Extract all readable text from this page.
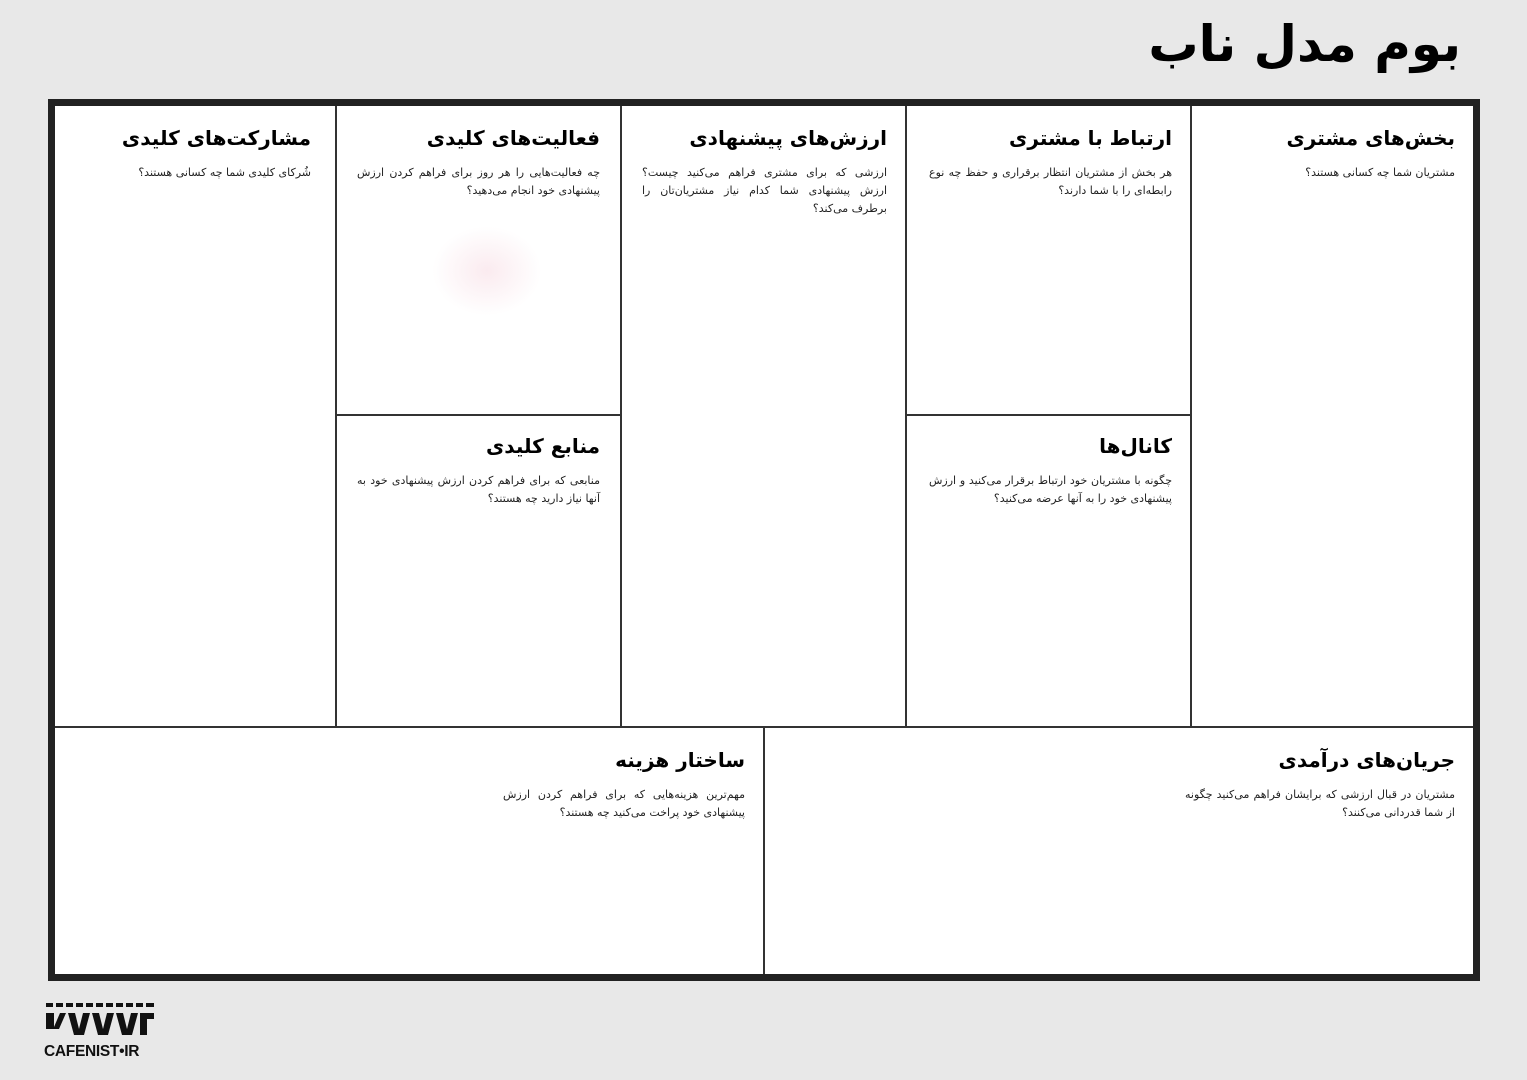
بوم مدل ناب
بخش‌های مشتری

مشتریان شما چه کسانی هستند؟

ارتباط با مشتری

هر بخش از مشتریان انتظار برقراری و حفظ چه نوع رابطه‌ای را با شما دارند؟

کانال‌ها

چگونه با مشتریان خود ارتباط برقرار می‌کنید و ارزش پیشنهادی خود را به آنها عرضه می‌کنید؟

ارزش‌های پیشنهادی

ارزشی که برای مشتری فراهم می‌کنید چیست؟ ارزش پیشنهادی شما کدام نیاز مشتریان‌تان را برطرف می‌کند؟

فعالیت‌های کلیدی

چه فعالیت‌هایی را هر روز برای فراهم کردن ارزش پیشنهادی خود انجام می‌دهید؟

منابع کلیدی

منابعی که برای فراهم کردن ارزش پیشنهادی خود به آنها نیاز دارید چه هستند؟

مشارکت‌های کلیدی

شُرکای کلیدی شما چه کسانی هستند؟

جریان‌های درآمدی

مشتریان در قبال ارزشی که برایشان فراهم می‌کنید چگونه از شما قدردانی می‌کنند؟

ساختار هزینه

مهم‌ترین هزینه‌هایی که برای فراهم کردن ارزش پیشنهادی خود پراخت می‌کنید چه هستند؟

CAFENIST•IR
